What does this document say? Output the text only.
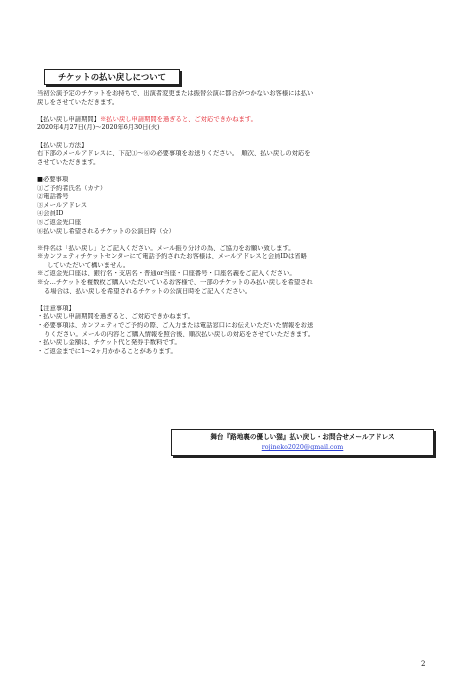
チケットの払い戻しについて
当初公演予定のチケットをお持ちで、出演者変更または振替公演に都合がつかないお客様には払い
戻しをさせていただきます。
【払い戻し申請期間】※払い戻し申請期間を過ぎると、ご対応できかねます。
2020年4月27日(月)～2020年6月30日(火)
【払い戻し方法】
右下部のメールアドレスに、下記①～⑥の必要事項をお送りください。　順次、払い戻しの対応を
させていただきます。
■必要事項
①ご予約者氏名（カナ）
②電話番号
③メールアドレス
④会員ID
⑤ご返金先口座
⑥払い戻し希望されるチケットの公演日時（☆）
※件名は「払い戻し」とご記入ください。メール振り分けの為、ご協力をお願い致します。
※カンフェティチケットセンターにて電話予約されたお客様は、メールアドレスと会員IDは省略
していただいて構いません。
※ご返金先口座は、銀行名・支店名・普通or当座・口座番号・口座名義をご記入ください。
※☆…チケットを複数枚ご購入いただいているお客様で、一部のチケットのみ払い戻しを希望され
る場合は、払い戻しを希望されるチケットの公演日時をご記入ください。
【注意事項】
・払い戻し申請期間を過ぎると、ご対応できかねます。
・必要事項は、カンフェティでご予約の際、ご入力または電話窓口にお伝えいただいた情報をお送
りください。メールの内容とご購入情報を照合後、順次払い戻しの対応をさせていただきます。
・払い戻し金額は、チケット代と発券手数料です。
・ご返金までに1～2ヶ月かかることがあります。
舞台『路地裏の優しい猫』払い戻し・お問合せメールアドレス
rojineko2020@gmail.com
2
